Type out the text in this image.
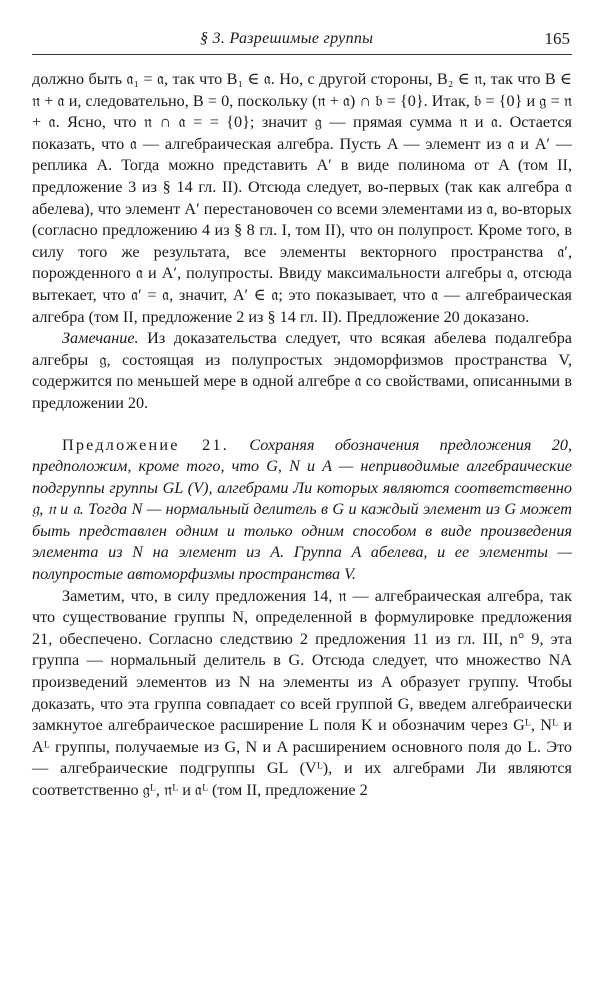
§ 3. Разрешимые группы	165

должно быть 𝔞₁ = 𝔞, так что B₁ ∈ 𝔞. Но, с другой стороны, B₂ ∈ 𝔫, так что B ∈ 𝔫 + 𝔞 и, следовательно, B = 0, поскольку (𝔫 + 𝔞) ∩ 𝔟 = {0}. Итак, 𝔟 = {0} и 𝔤 = 𝔫 + 𝔞. Ясно, что 𝔫 ∩ 𝔞 = = {0}; значит 𝔤 — прямая сумма 𝔫 и 𝔞. Остается показать, что 𝔞 — алгебраическая алгебра. Пусть A — элемент из 𝔞 и A′ — реплика A. Тогда можно представить A′ в виде полинома от A (том II, предложение 3 из § 14 гл. II). Отсюда следует, во-первых (так как алгебра 𝔞 абелева), что элемент A′ перестановочен со всеми элементами из 𝔞, во-вторых (согласно предложению 4 из § 8 гл. I, том II), что он полупрост. Кроме того, в силу того же результата, все элементы векторного пространства 𝔞′, порожденного 𝔞 и A′, полупросты. Ввиду максимальности алгебры 𝔞, отсюда вытекает, что 𝔞′ = 𝔞, значит, A′ ∈ 𝔞; это показывает, что 𝔞 — алгебраическая алгебра (том II, предложение 2 из § 14 гл. II). Предложение 20 доказано.

Замечание. Из доказательства следует, что всякая абелева подалгебра алгебры 𝔤, состоящая из полупростых эндоморфизмов пространства V, содержится по меньшей мере в одной алгебре 𝔞 со свойствами, описанными в предложении 20.

Предложение 21. Сохраняя обозначения предложения 20, предположим, кроме того, что G, N и A — неприводимые алгебраические подгруппы группы GL (V), алгебрами Ли которых являются соответственно 𝔤, 𝔫 и 𝔞. Тогда N — нормальный делитель в G и каждый элемент из G может быть представлен одним и только одним способом в виде произведения элемента из N на элемент из A. Группа A абелева, и ее элементы — полупростые автоморфизмы пространства V.

Заметим, что, в силу предложения 14, 𝔫 — алгебраическая алгебра, так что существование группы N, определенной в формулировке предложения 21, обеспечено. Согласно следствию 2 предложения 11 из гл. III, n° 9, эта группа — нормальный делитель в G. Отсюда следует, что множество NA произведений элементов из N на элементы из A образует группу. Чтобы доказать, что эта группа совпадает со всей группой G, введем алгебраически замкнутое алгебраическое расширение L поля K и обозначим через Gᴸ, Nᴸ и Aᴸ группы, получаемые из G, N и A расширением основного поля до L. Это — алгебраические подгруппы GL (Vᴸ), и их алгебрами Ли являются соответственно 𝔤ᴸ, 𝔫ᴸ и 𝔞ᴸ (том II, предложение 2
